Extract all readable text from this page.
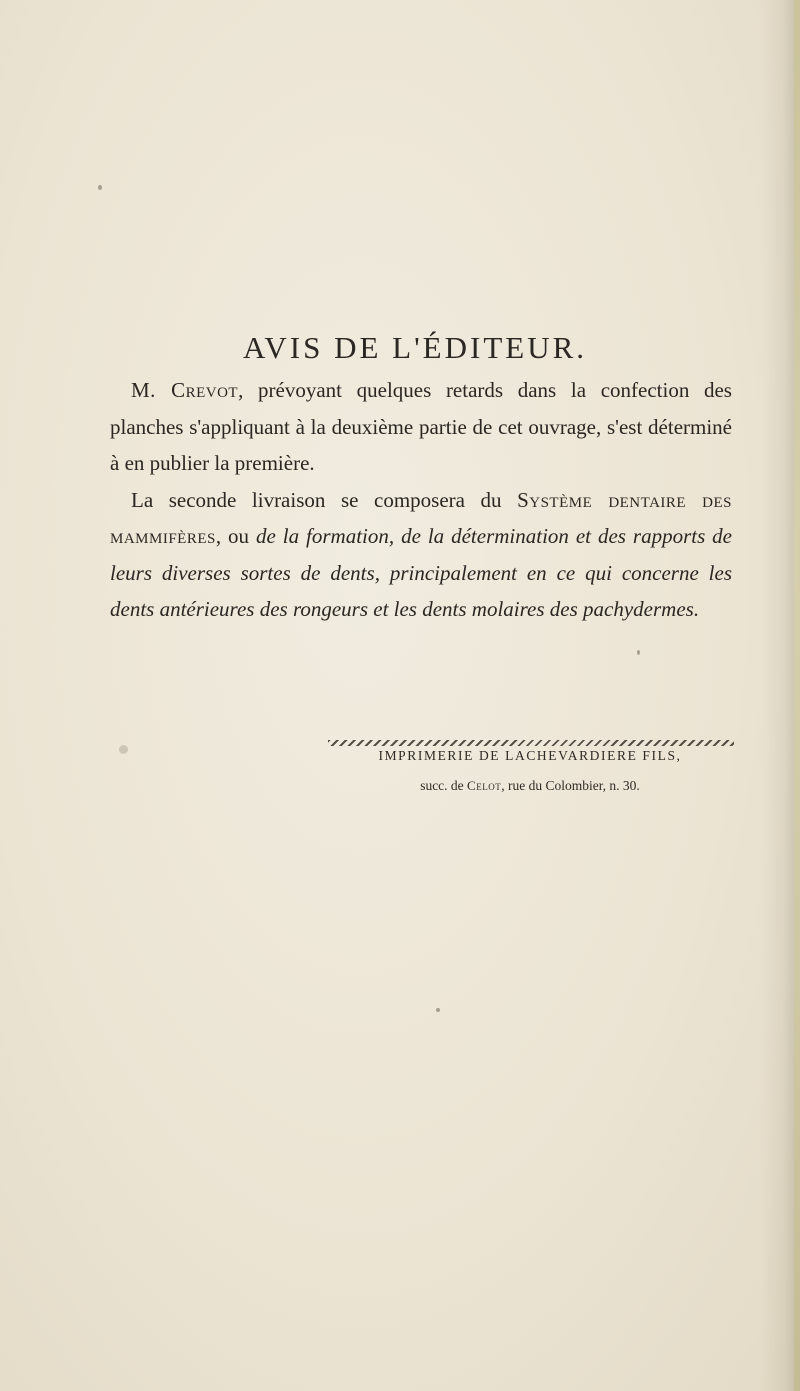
AVIS DE L'ÉDITEUR.

 M. Crevot, prévoyant quelques retards dans la confection des planches s'appliquant à la deuxième partie de cet ouvrage, s'est déterminé à en publier la première.

 La seconde livraison se composera du Système dentaire des mammifères, ou de la formation, de la détermination et des rapports de leurs diverses sortes de dents, principalement en ce qui concerne les dents antérieures des rongeurs et les dents molaires des pachydermes.

IMPRIMERIE DE LACHEVARDIERE FILS,
succ. de Celot, rue du Colombier, n. 30.
